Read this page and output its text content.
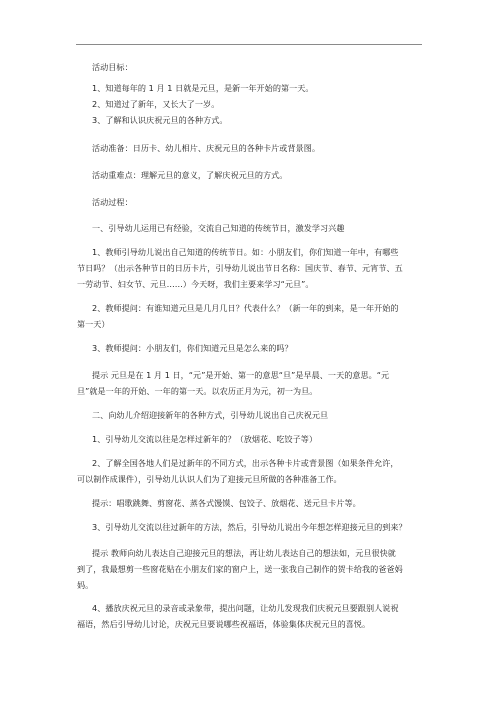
活动目标：
1、知道每年的 1 月 1 日就是元旦，是新一年开始的第一天。
2、知道过了新年，又长大了一岁。
3、了解和认识庆祝元旦的各种方式。
活动准备：日历卡、幼儿相片、庆祝元旦的各种卡片或背景图。
活动重难点：理解元旦的意义，了解庆祝元旦的方式。
活动过程：
一、引导幼儿运用已有经验，交流自己知道的传统节日，激发学习兴趣
1、教师引导幼儿说出自己知道的传统节日。如：小朋友们，你们知道一年中，有哪些
节日吗？（出示各种节日的日历卡片，引导幼儿说出节日名称：国庆节、春节、元宵节、五
一劳动节、妇女节、元旦……）今天呀，我们主要来学习“元旦”。
2、教师提问：有谁知道元旦是几月几日？代表什么？（新一年的到来，是一年开始的
第一天）
3、教师提问：小朋友们，你们知道元旦是怎么来的吗？
提示 元旦是在 1 月 1 日，“元”是开始、第一的意思“旦”是早晨、一天的意思。“元
旦”就是一年的开始、一年的第一天。以农历正月为元，初一为旦。
二、向幼儿介绍迎接新年的各种方式，引导幼儿说出自己庆祝元旦
1、引导幼儿交流以往是怎样过新年的？（放烟花、吃饺子等）
2、了解全国各地人们是过新年的不同方式，出示各种卡片或背景图（如果条件允许，
可以制作成课件），引导幼儿认识人们为了迎接元旦所做的各种准备工作。
提示：唱歌跳舞、剪窗花、蒸各式馒馍、包饺子、放烟花、送元旦卡片等。
3、引导幼儿交流以往过新年的方法，然后，引导幼儿说出今年想怎样迎接元旦的到来？
提示 教师向幼儿表达自己迎接元旦的想法，再让幼儿表达自己的想法如，元旦很快就
到了，我最想剪一些窗花贴在小朋友们家的窗户上，送一张我自己制作的贺卡给我的爸爸妈
妈。
4、播放庆祝元旦的录音或录象带，提出问题，让幼儿发现我们庆祝元旦要跟别人说祝
福语，然后引导幼儿讨论，庆祝元旦要说哪些祝福语，体验集体庆祝元旦的喜悦。
